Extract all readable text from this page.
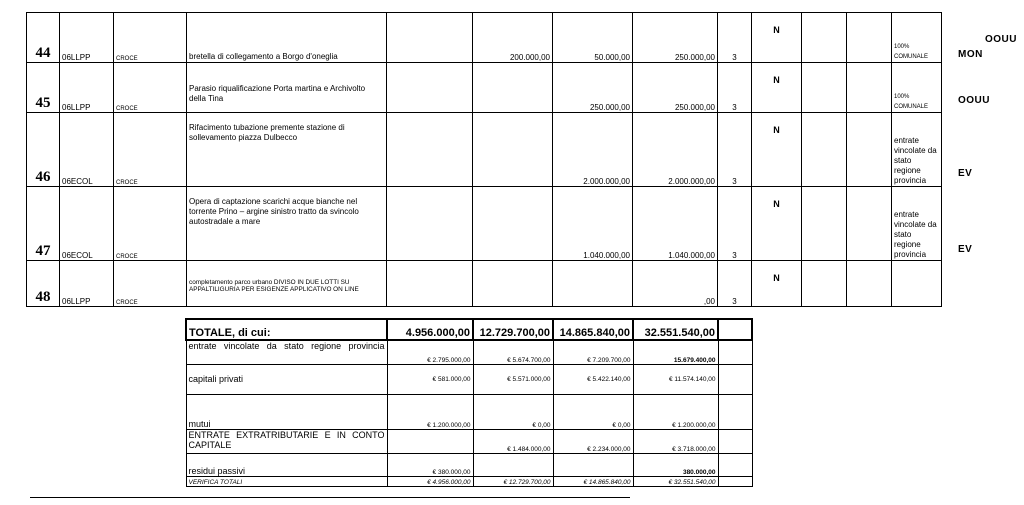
44	06LLPP	CROCE	bretella di collegamento a Borgo d'oneglia		200.000,00	50.000,00	250.000,00	3	N			100% COMUNALE
45	06LLPP	CROCE	Parasio riqualificazione Porta martina e Archivolto della Tina			250.000,00	250.000,00	3	N			100% COMUNALE
46	06ECOL	CROCE	Rifacimento tubazione premente stazione di sollevamento piazza Dulbecco			2.000.000,00	2.000.000,00	3	N			entrate vincolate da stato regione provincia
47	06ECOL	CROCE	Opera di captazione scarichi acque bianche nel torrente Prino – argine sinistro tratto da svincolo autostradale a mare			1.040.000,00	1.040.000,00	3	N			entrate vincolate da stato regione provincia
48	06LLPP	CROCE	completamento parco urbano DIVISO IN DUE LOTTI SU APPALTILIGURIA PER ESIGENZE APPLICATIVO ON LINE				,00	3	N			
OOUU
MON
OOUU
EV
EV
TOTALE, di cui:	4.956.000,00	12.729.700,00	14.865.840,00	32.551.540,00	
entrate vincolate da stato regione provincia	€ 2.795.000,00	€ 5.674.700,00	€ 7.209.700,00	15.679.400,00	
capitali privati	€ 581.000,00	€ 5.571.000,00	€ 5.422.140,00	€ 11.574.140,00	
mutui	€ 1.200.000,00	€ 0,00	€ 0,00	€ 1.200.000,00	
ENTRATE EXTRATRIBUTARIE E IN CONTO CAPITALE		€ 1.484.000,00	€ 2.234.000,00	€ 3.718.000,00	
residui passivi	€ 380.000,00			380.000,00	
VERIFICA TOTALI	€ 4.956.000,00	€ 12.729.700,00	€ 14.865.840,00	€ 32.551.540,00	
